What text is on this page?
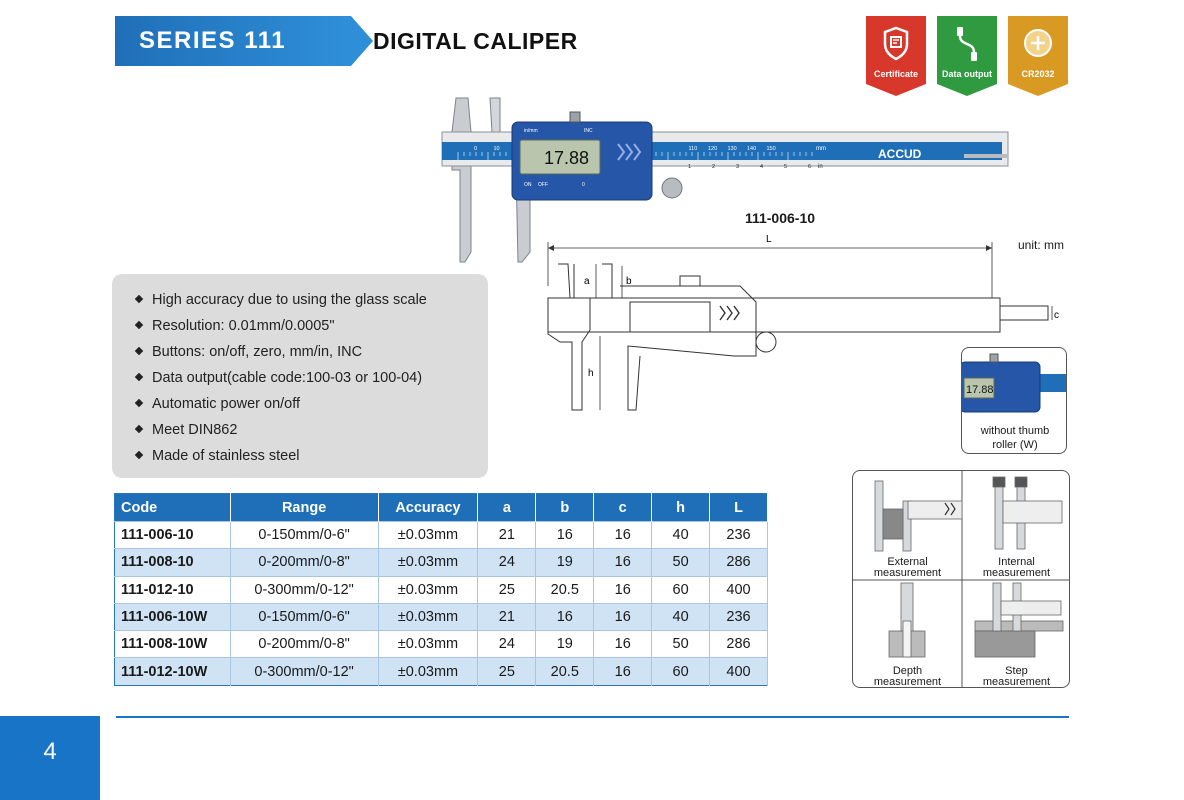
SERIES 111	DIGITAL CALIPER
Certificate	Data output	CR2032
0	10	110 120 130 140 150
1	2	3	4	5	6
ACCUD
mm
in
17.88
in/mm	INC
ON OFF	0
111-006-10
unit: mm
L
a	b
c
h
17.88
without thumb
roller (W)
High accuracy due to using the glass scale
Resolution: 0.01mm/0.0005"
Buttons: on/off, zero, mm/in, INC
Data output(cable code:100-03 or 100-04)
Automatic power on/off
Meet DIN862
Made of stainless steel
Code	Range	Accuracy	a	b	c	h	L
111-006-10	0-150mm/0-6"	±0.03mm	21	16	16	40	236
111-008-10	0-200mm/0-8"	±0.03mm	24	19	16	50	286
111-012-10	0-300mm/0-12"	±0.03mm	25	20.5	16	60	400
111-006-10W	0-150mm/0-6"	±0.03mm	21	16	16	40	236
111-008-10W	0-200mm/0-8"	±0.03mm	24	19	16	50	286
111-012-10W	0-300mm/0-12"	±0.03mm	25	20.5	16	60	400
External
measurement
Internal
measurement
Depth
measurement
Step
measurement
4
